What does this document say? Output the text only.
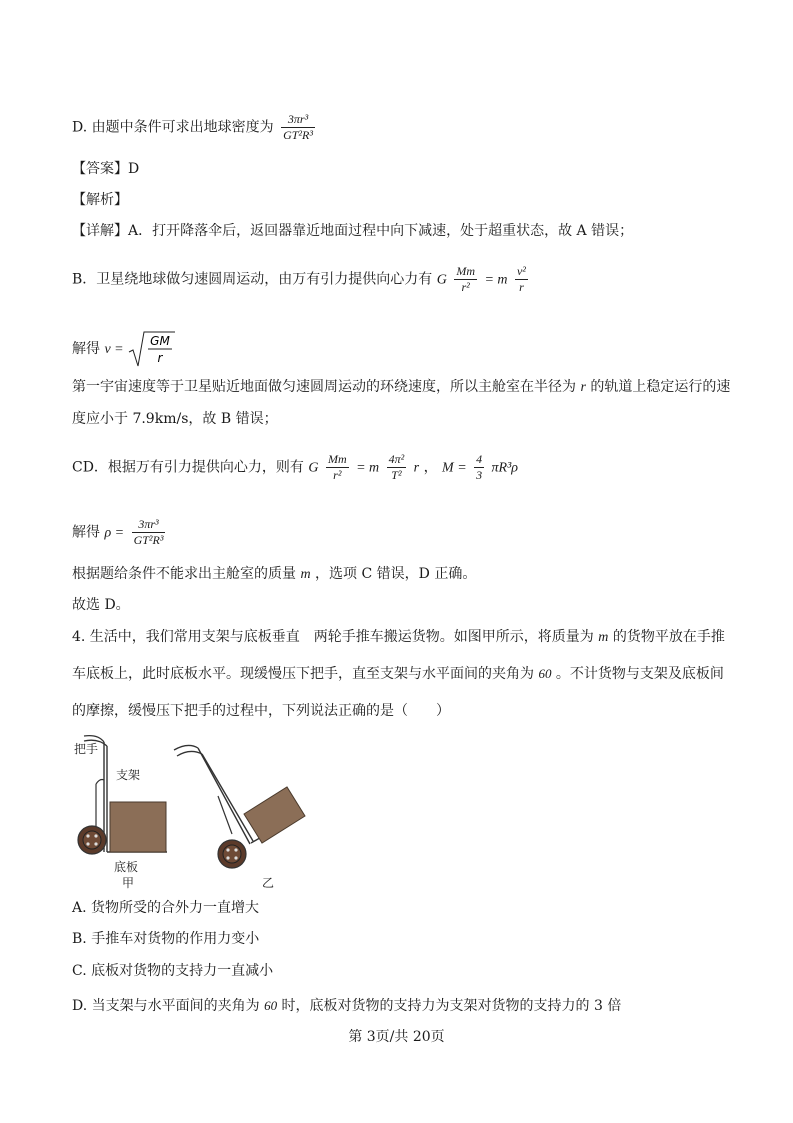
D. 由题中条件可求出地球密度为 $\frac{\text{3πr³}}{\text{GT²R³}}$
【答案】D
【解析】
【详解】A．打开降落伞后，返回器靠近地面过程中向下减速，处于超重状态，故 A 错误；
B．卫星绕地球做匀速圆周运动，由万有引力提供向心力有 G $\frac{Mm}{\text{r²}} = m \frac{\text{v²}}{r}$
解得 v =
GM
r
第一宇宙速度等于卫星贴近地面做匀速圆周运动的环绕速度，所以主舱室在半径为 r 的轨道上稳定运行的速
度应小于 7.9km/s，故 B 错误；
CD．根据万有引力提供向心力，则有 G $\frac{Mm}{\text{r²}} = m \frac{\text{4π²}}{\text{T²}}$ r ， $M = \frac{4}{3} \pi R^3\rho$
解得 $\rho = \frac{\text{3πr³}}{\text{GT²R³}}$
根据题给条件不能求出主舱室的质量 m ，选项 C 错误，D 正确。
故选 D。
4. 生活中，我们常用支架与底板垂直　两轮手推车搬运货物。如图甲所示，将质量为 m 的货物平放在手推
车底板上，此时底板水平。现缓慢压下把手，直至支架与水平面间的夹角为 60 。不计货物与支架及底板间
的摩擦，缓慢压下把手的过程中，下列说法正确的是（　　）
把手
支架
底板
甲	乙
A. 货物所受的合外力一直增大
B. 手推车对货物的作用力变小
C. 底板对货物的支持力一直减小
D. 当支架与水平面间的夹角为 60 时，底板对货物的支持力为支架对货物的支持力的 3 倍
第 3页/共 20页
